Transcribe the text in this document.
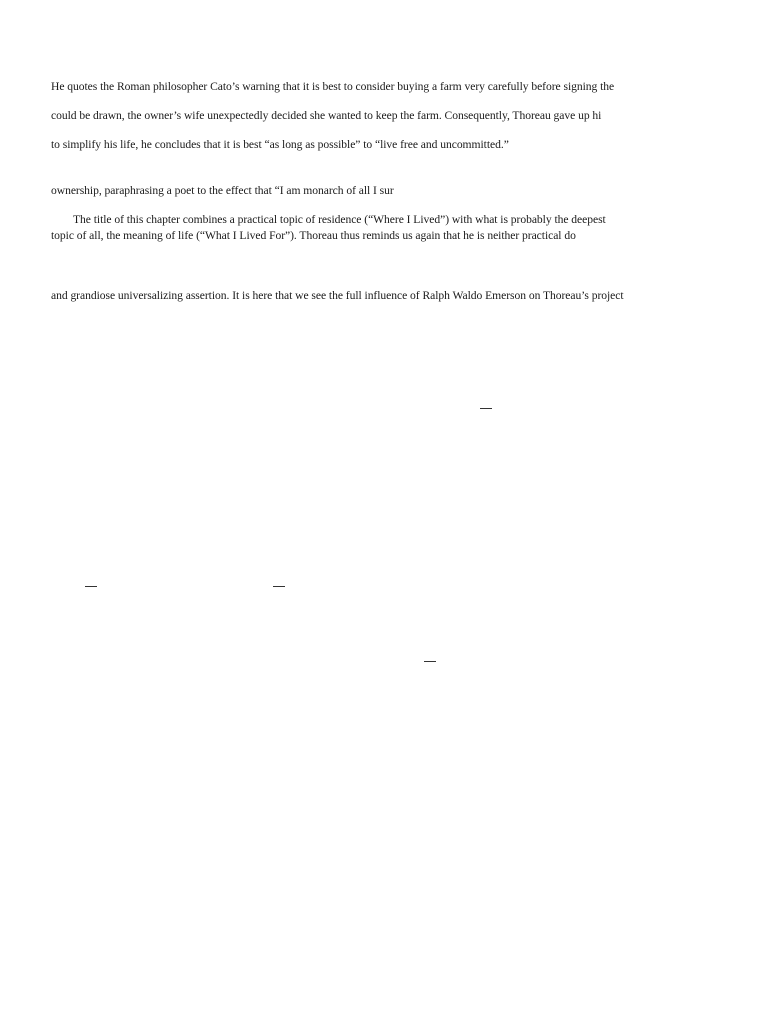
He quotes the Roman philosopher Cato’s warning that it is best to consider buying a farm very carefully before signing the
could be drawn, the owner’s wife unexpectedly decided she wanted to keep the farm. Consequently, Thoreau gave up hi
to simplify his life, he concludes that it is best “as long as possible” to “live free and uncommitted.”
ownership, paraphrasing a poet to the effect that “I am monarch of all I sur
The title of this chapter combines a practical topic of residence (“Where I Lived”) with what is probably the deepest
topic of all, the meaning of life (“What I Lived For”). Thoreau thus reminds us again that he is neither practical do
and grandiose universalizing assertion. It is here that we see the full influence of Ralph Waldo Emerson on Thoreau’s project
